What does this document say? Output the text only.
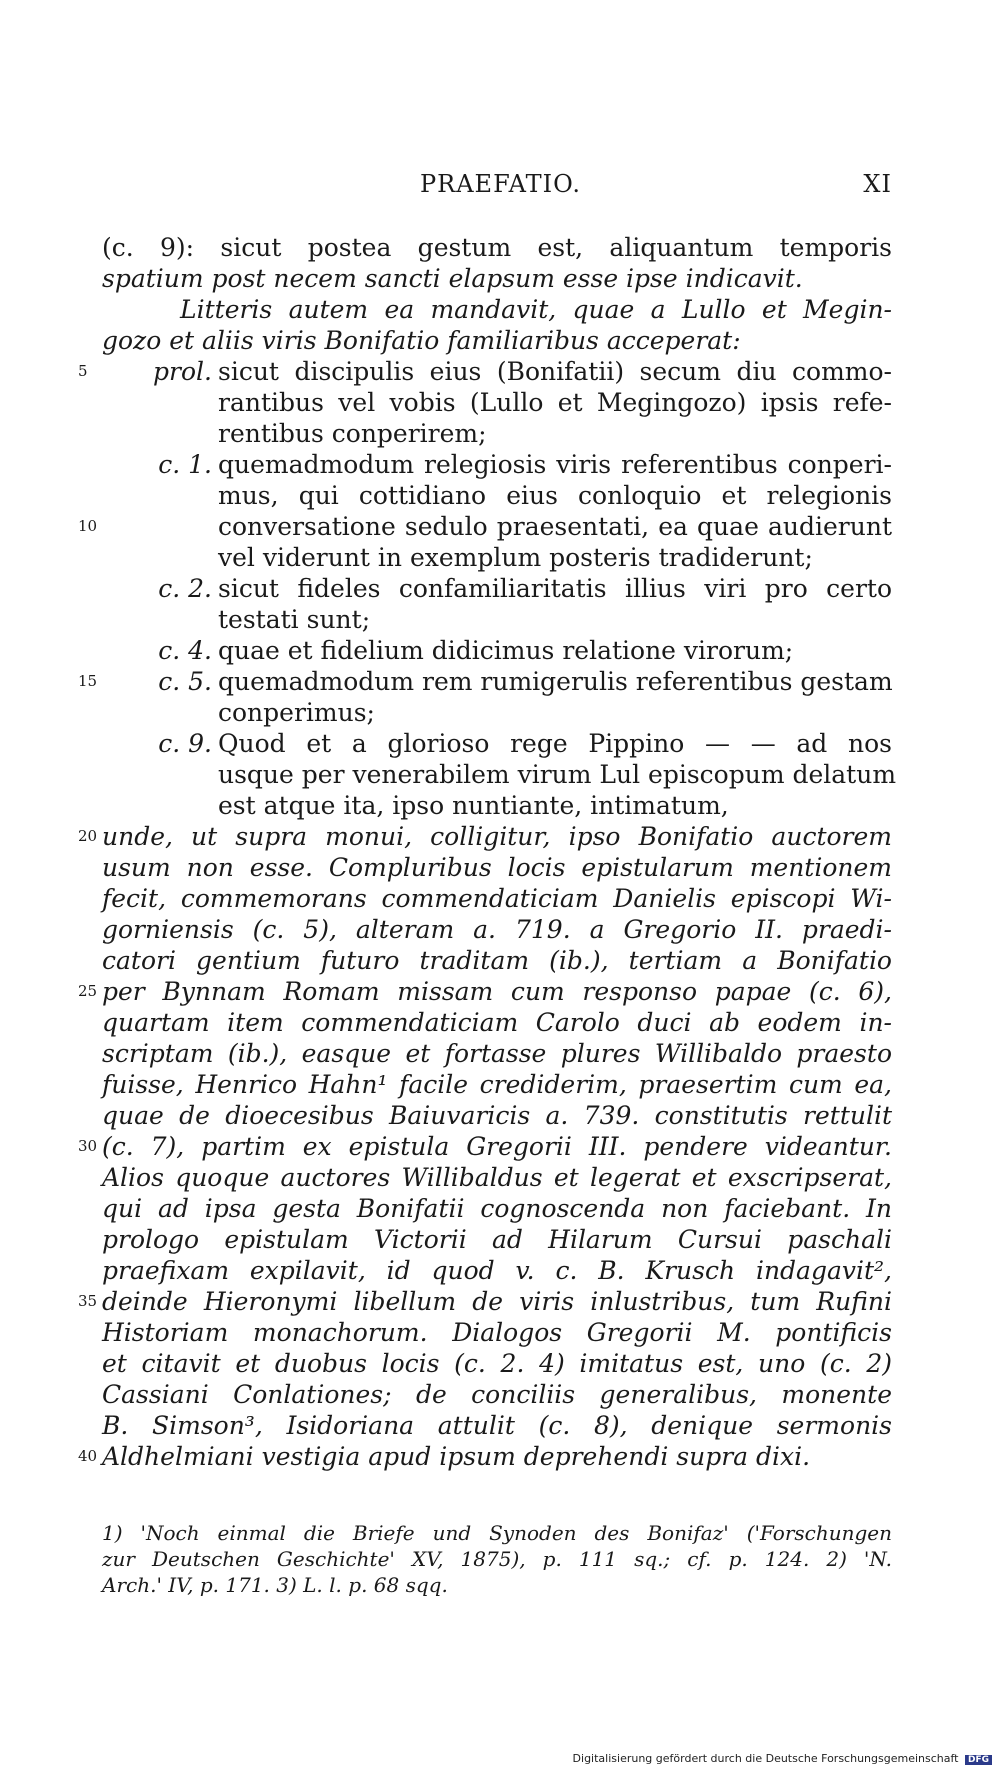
PRAEFATIO.	XI
(c. 9): sicut postea gestum est, aliquantum temporis
spatium post necem sancti elapsum esse ipse indicavit.
Litteris autem ea mandavit, quae a Lullo et Megin-
gozo et aliis viris Bonifatio familiaribus acceperat:
5	prol. sicut discipulis eius (Bonifatii) secum diu commo-
rantibus vel vobis (Lullo et Megingozo) ipsis refe-
rentibus conperirem;
c. 1. quemadmodum relegiosis viris referentibus conperi-
mus, qui cottidiano eius conloquio et relegionis
10	conversatione sedulo praesentati, ea quae audierunt
vel viderunt in exemplum posteris tradiderunt;
c. 2. sicut fideles confamiliaritatis illius viri pro certo
testati sunt;
c. 4. quae et fidelium didicimus relatione virorum;
15	c. 5. quemadmodum rem rumigerulis referentibus gestam
conperimus;
c. 9. Quod et a glorioso rege Pippino — — ad nos
usque per venerabilem virum Lul episcopum delatum
est atque ita, ipso nuntiante, intimatum,
20 unde, ut supra monui, colligitur, ipso Bonifatio auctorem
usum non esse. Compluribus locis epistularum mentionem
fecit, commemorans commendaticiam Danielis episcopi Wi-
gorniensis (c. 5), alteram a. 719. a Gregorio II. praedi-
catori gentium futuro traditam (ib.), tertiam a Bonifatio
25 per Bynnam Romam missam cum responso papae (c. 6),
quartam item commendaticiam Carolo duci ab eodem in-
scriptam (ib.), easque et fortasse plures Willibaldo praesto
fuisse, Henrico Hahn¹ facile crediderim, praesertim cum ea,
quae de dioecesibus Baiuvaricis a. 739. constitutis rettulit
30 (c. 7), partim ex epistula Gregorii III. pendere videantur.
Alios quoque auctores Willibaldus et legerat et exscripserat,
qui ad ipsa gesta Bonifatii cognoscenda non faciebant. In
prologo epistulam Victorii ad Hilarum Cursui paschali
praefixam expilavit, id quod v. c. B. Krusch indagavit²,
35 deinde Hieronymi libellum de viris inlustribus, tum Rufini
Historiam monachorum. Dialogos Gregorii M. pontificis
et citavit et duobus locis (c. 2. 4) imitatus est, uno (c. 2)
Cassiani Conlationes; de conciliis generalibus, monente
B. Simson³, Isidoriana attulit (c. 8), denique sermonis
40 Aldhelmiani vestigia apud ipsum deprehendi supra dixi.
1) 'Noch einmal die Briefe und Synoden des Bonifaz' ('Forschungen
zur Deutschen Geschichte' XV, 1875), p. 111 sq.; cf. p. 124. 2) 'N.
Arch.' IV, p. 171. 3) L. l. p. 68 sqq.
Digitalisierung gefördert durch die Deutsche Forschungsgemeinschaft DFG
